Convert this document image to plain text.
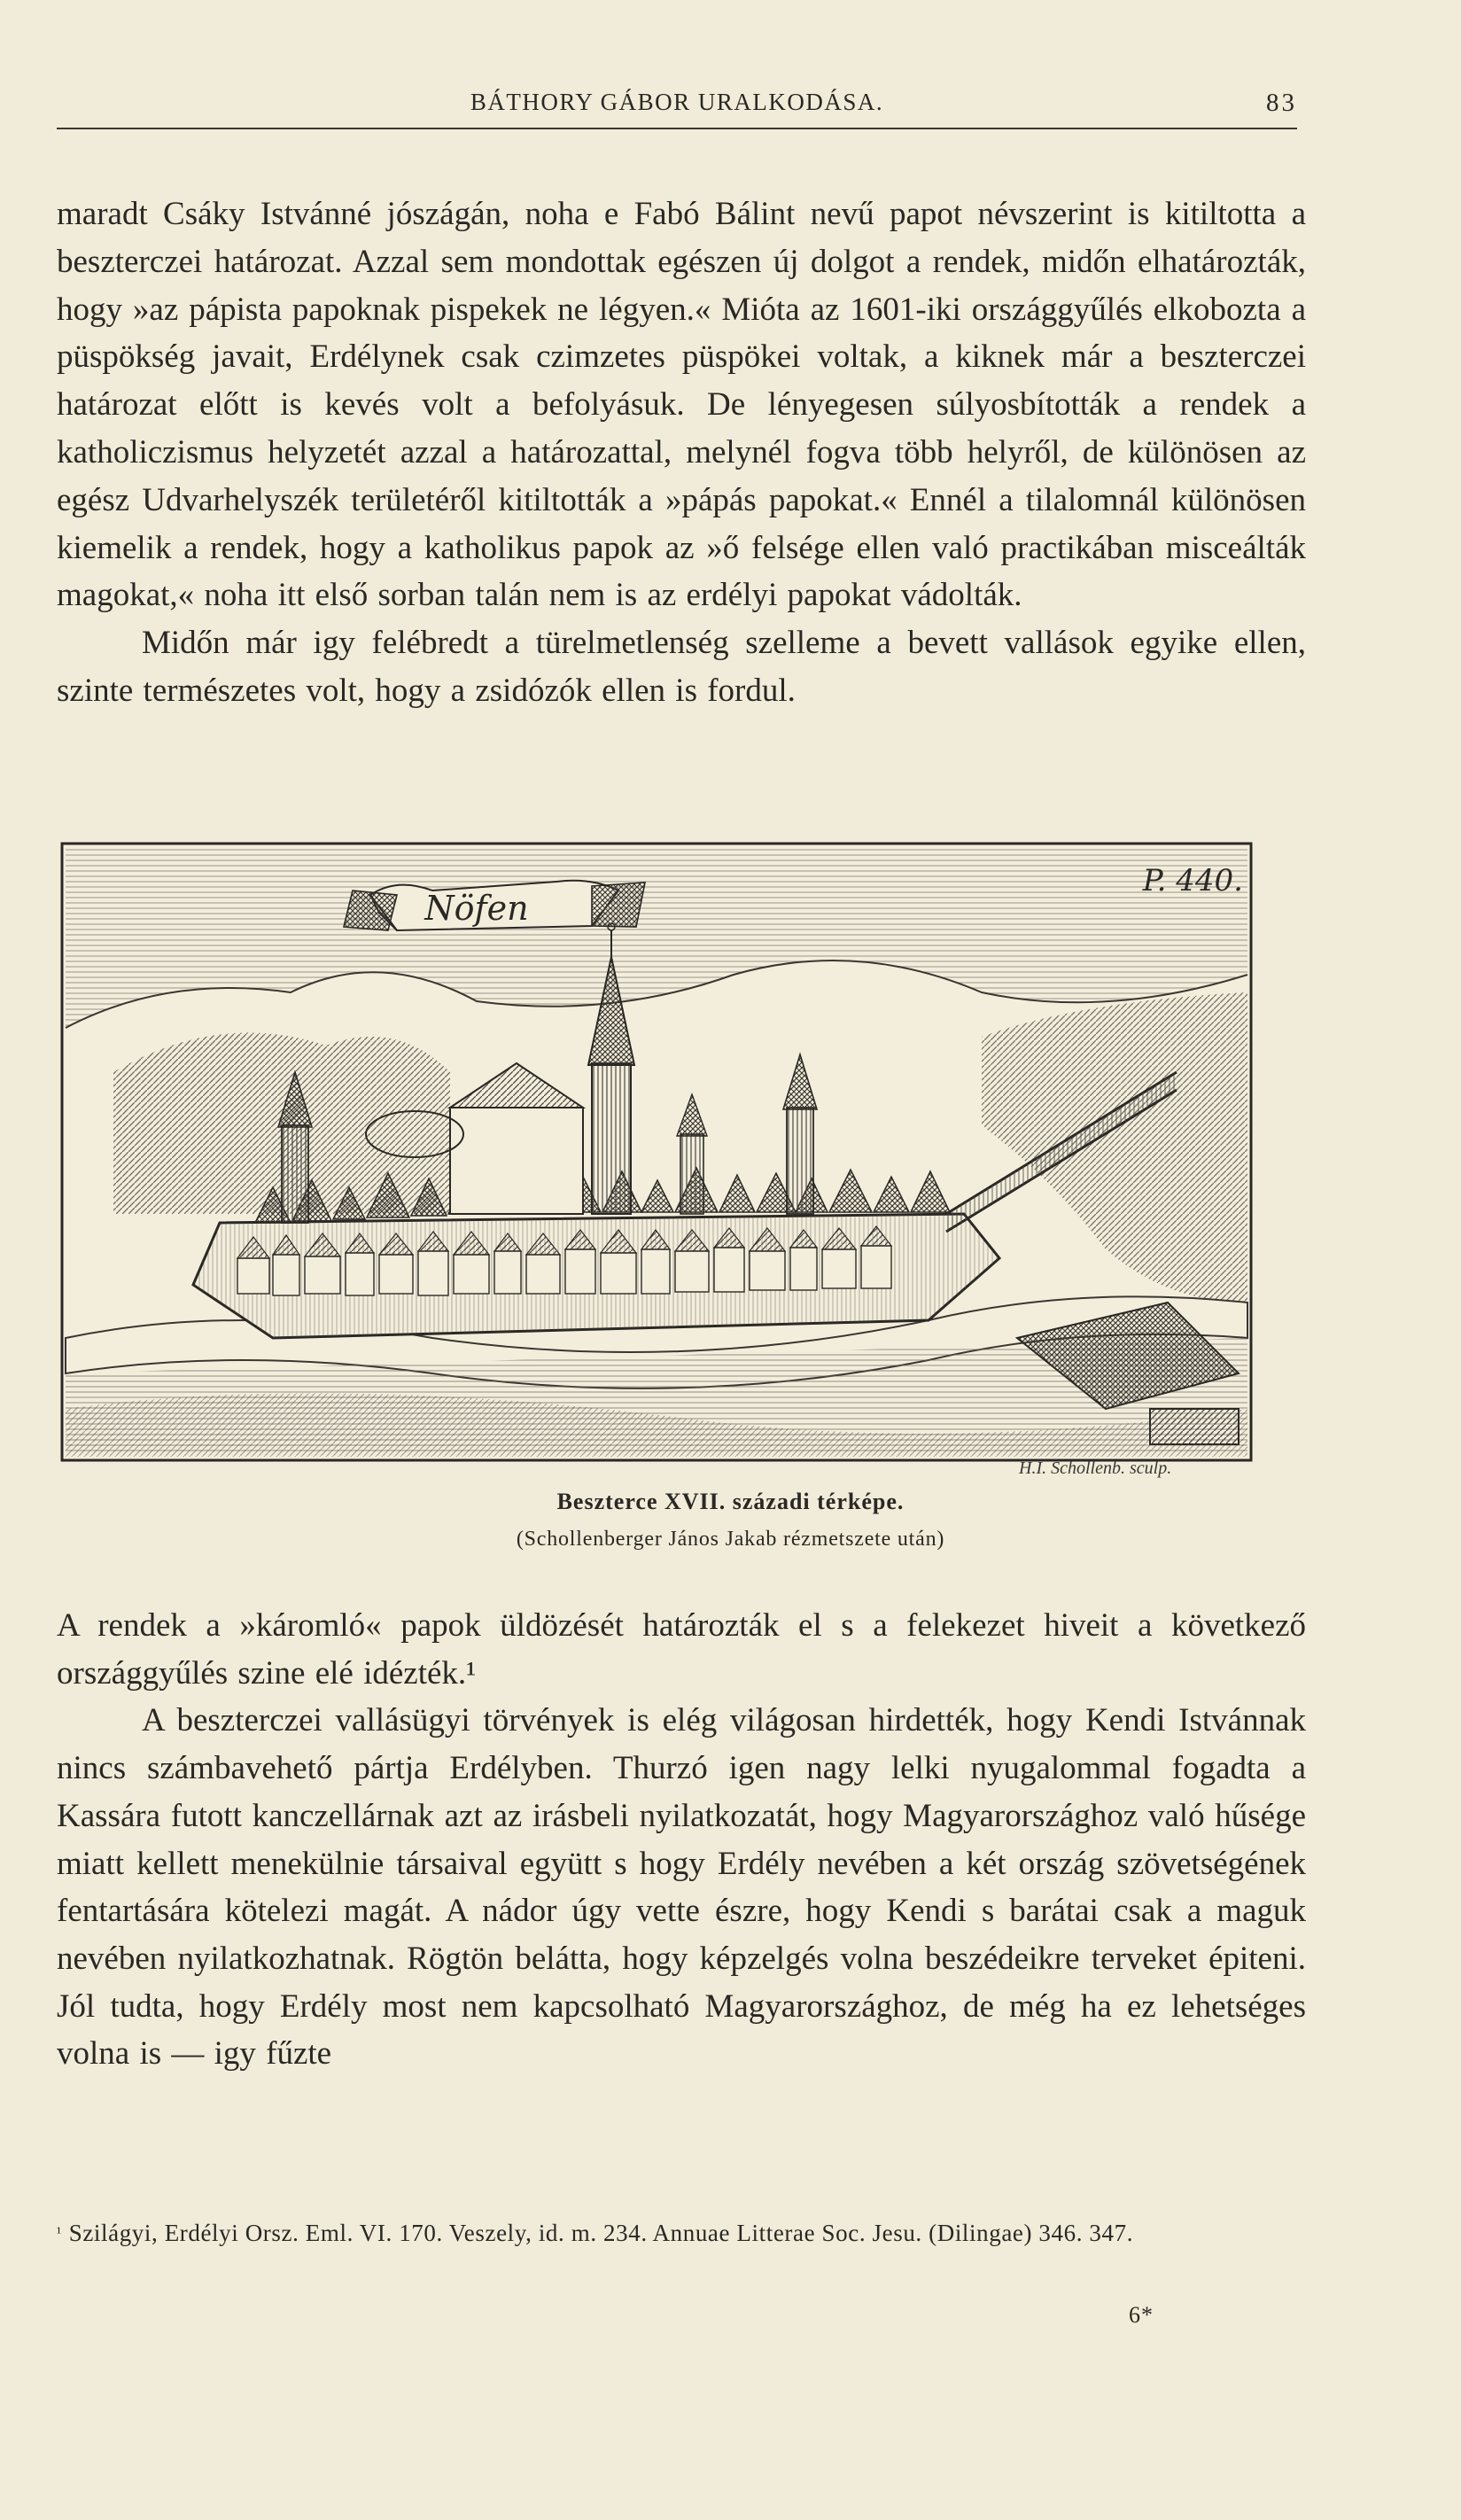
BÁTHORY GÁBOR URALKODÁSA.	83

maradt Csáky Istvánné jószágán, noha e Fabó Bálint nevű papot névszerint is kitiltotta a beszterczei határozat. Azzal sem mondottak egészen új dolgot a rendek, midőn elhatározták, hogy »az pápista papoknak pispekek ne légyen.« Mióta az 1601-iki országgyűlés elkobozta a püspökség javait, Erdélynek csak czimzetes püspökei voltak, a kiknek már a beszterczei határozat előtt is kevés volt a befolyásuk. De lényegesen súlyosbították a rendek a katholiczismus helyzetét azzal a határozattal, melynél fogva több helyről, de különösen az egész Udvarhelyszék területéről kitiltották a »pápás papokat.« Ennél a tilalomnál különösen kiemelik a rendek, hogy a katholikus papok az »ő felsége ellen való practikában misceálták magokat,« noha itt első sorban talán nem is az erdélyi papokat vádolták.

Midőn már igy felébredt a türelmetlenség szelleme a bevett vallások egyike ellen, szinte természetes volt, hogy a zsidózók ellen is fordul.

Nöfen
P. 440.
H.I. Schollenb. sculp.
Beszterce XVII. századi térképe.
(Schollenberger János Jakab rézmetszete után)

A rendek a »káromló« papok üldözését határozták el s a felekezet hiveit a következő országgyűlés szine elé idézték.¹

A beszterczei vallásügyi törvények is elég világosan hirdették, hogy Kendi Istvánnak nincs számbavehető pártja Erdélyben. Thurzó igen nagy lelki nyugalommal fogadta a Kassára futott kanczellárnak azt az irásbeli nyilatkozatát, hogy Magyarországhoz való hűsége miatt kellett menekülnie társaival együtt s hogy Erdély nevében a két ország szövetségének fentartására kötelezi magát. A nádor úgy vette észre, hogy Kendi s barátai csak a maguk nevében nyilatkozhatnak. Rögtön belátta, hogy képzelgés volna beszédeikre terveket épiteni. Jól tudta, hogy Erdély most nem kapcsolható Magyarországhoz, de még ha ez lehetséges volna is — igy fűzte

¹ Szilágyi, Erdélyi Orsz. Eml. VI. 170. Veszely, id. m. 234. Annuae Litterae Soc. Jesu. (Dilingae) 346. 347.

6*
